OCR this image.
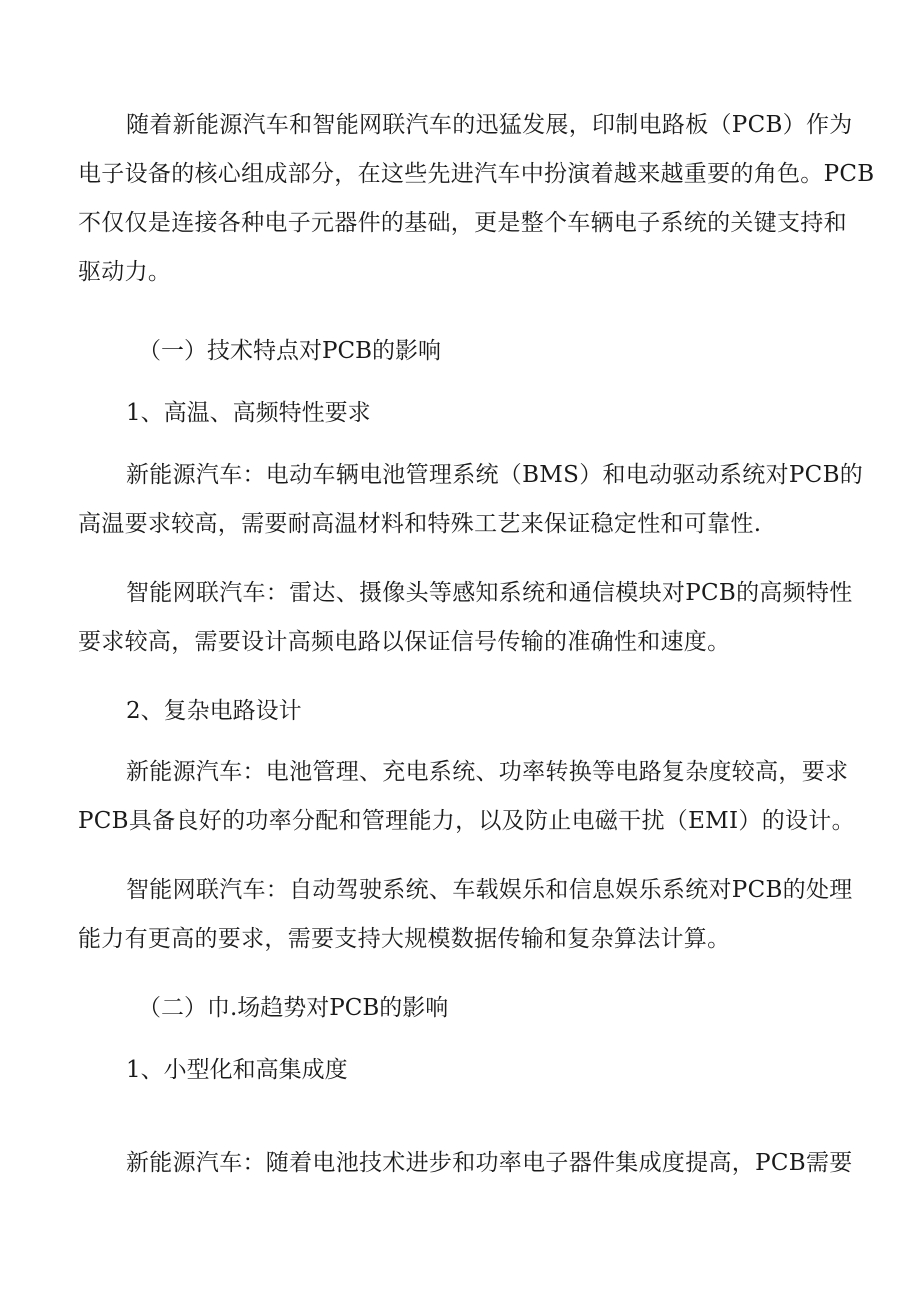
随着新能源汽车和智能网联汽车的迅猛发展，印制电路板（PCB）作为
电子设备的核心组成部分，在这些先进汽车中扮演着越来越重要的角色。PCB
不仅仅是连接各种电子元器件的基础，更是整个车辆电子系统的关键支持和
驱动力。
（一）技术特点对PCB的影响
1、高温、高频特性要求
新能源汽车：电动车辆电池管理系统（BMS）和电动驱动系统对PCB的
高温要求较高，需要耐高温材料和特殊工艺来保证稳定性和可靠性.
智能网联汽车：雷达、摄像头等感知系统和通信模块对PCB的高频特性
要求较高，需要设计高频电路以保证信号传输的准确性和速度。
2、复杂电路设计
新能源汽车：电池管理、充电系统、功率转换等电路复杂度较高，要求
PCB具备良好的功率分配和管理能力，以及防止电磁干扰（EMI）的设计。
智能网联汽车：自动驾驶系统、车载娱乐和信息娱乐系统对PCB的处理
能力有更高的要求，需要支持大规模数据传输和复杂算法计算。
（二）巾.场趋势对PCB的影响
1、小型化和高集成度
新能源汽车：随着电池技术进步和功率电子器件集成度提高，PCB需要
